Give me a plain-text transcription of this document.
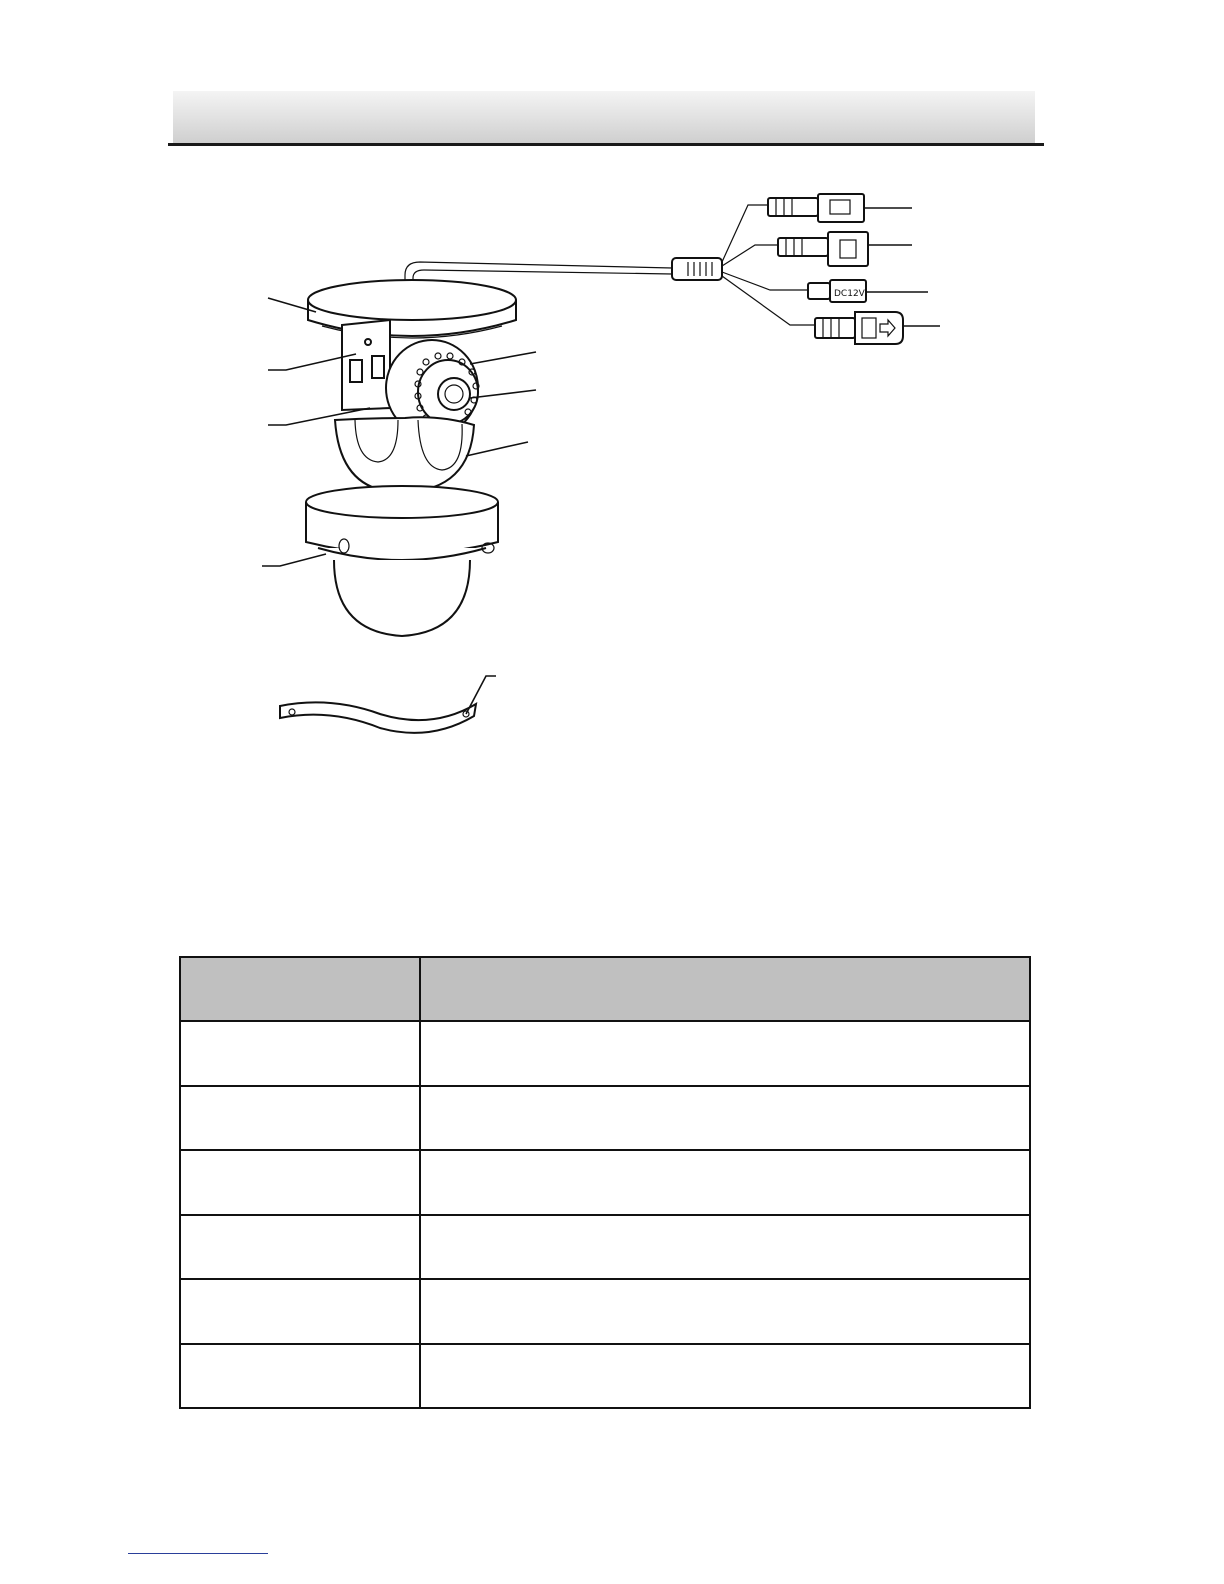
DC12V
